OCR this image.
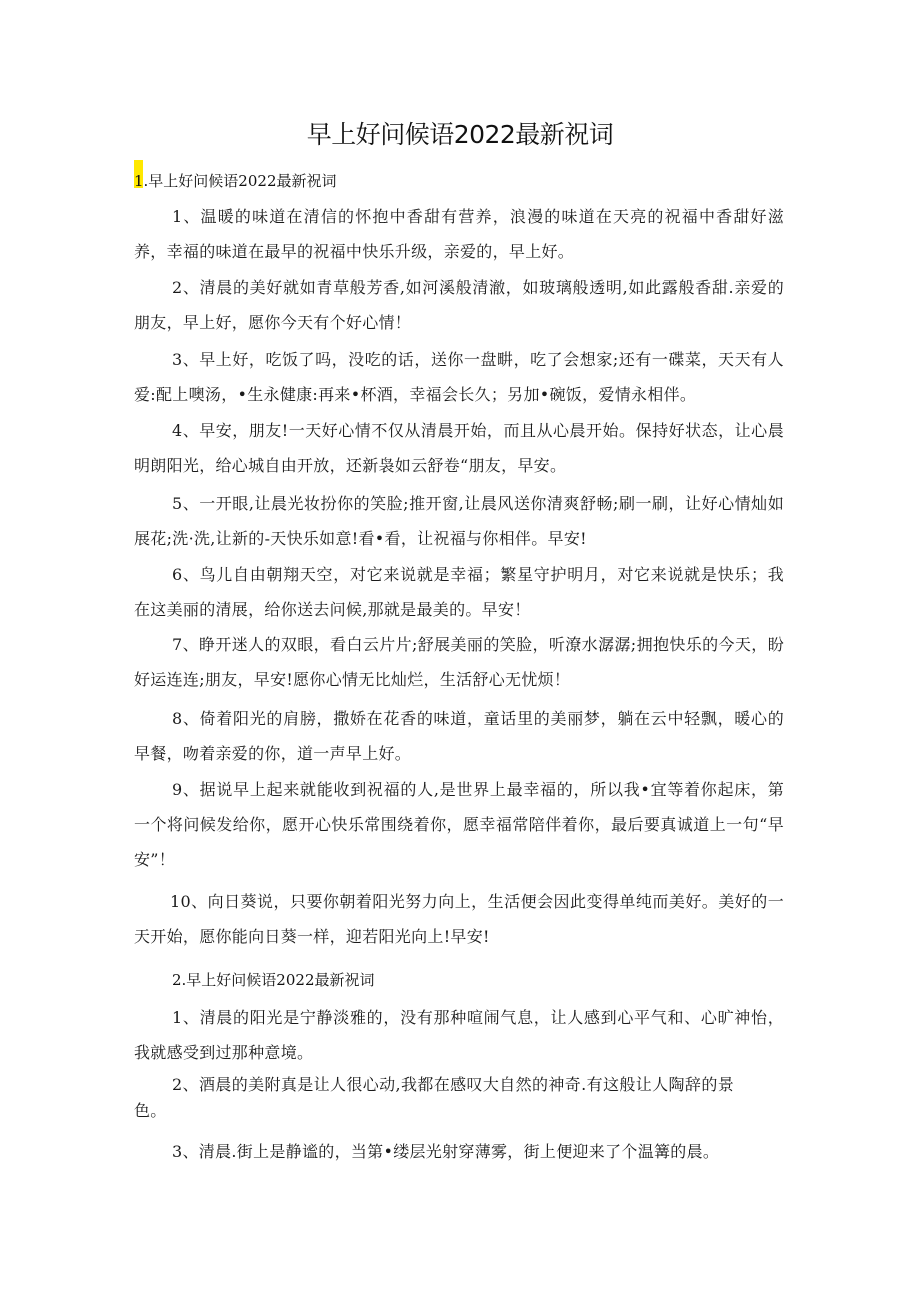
早上好问候语2022最新祝词
1.早上好问候语2022最新祝词
1、温暖的味道在清信的怀抱中香甜有营养，浪漫的味道在天亮的祝福中香甜好滋养，幸福的味道在最早的祝福中快乐升级，亲爱的，早上好。
2、清晨的美好就如青草般芳香,如河溪般清澈，如玻璃般透明,如此露般香甜.亲爱的朋友，早上好，愿你今天有个好心情！
3、早上好，吃饭了吗，没吃的话，送你一盘畊，吃了会想家;还有一碟菜，天天有人爱:配上噢汤，•生永健康:再来•杯酒，幸福会长久；另加•碗饭，爱情永相伴。
4、早安，朋友!一天好心情不仅从清晨开始，而且从心晨开始。保持好状态，让心晨明朗阳光，给心城自由开放，还新袅如云舒卷“朋友，早安。
5、一开眼,让晨光妆扮你的笑脸;推开窗,让晨风送你清爽舒畅;刷一刷，让好心情灿如展花;洗·洗,让新的-天快乐如意!看•看，让祝福与你相伴。早安!
6、鸟儿自由朝翔天空，对它来说就是幸福；繁星守护明月，对它来说就是快乐；我在这美丽的清展，给你送去问候,那就是最美的。早安！
7、睁开迷人的双眼，看白云片片;舒展美丽的笑脸，听潦水潺潺;拥抱快乐的今天，盼好运连连;朋友，早安!愿你心情无比灿烂，生活舒心无忧烦！
8、倚着阳光的肩膀，撒娇在花香的味道，童话里的美丽梦，躺在云中轻飘，暖心的早餐，吻着亲爱的你，道一声早上好。
9、据说早上起来就能收到祝福的人,是世界上最幸福的，所以我•宜等着你起床，第一个将问候发给你，愿开心快乐常围绕着你，愿幸福常陪伴着你，最后要真诚道上一句“早安”！
10、向日葵说，只要你朝着阳光努力向上，生活便会因此变得单纯而美好。美好的一天开始，愿你能向日葵一样，迎若阳光向上!早安!
2.早上好问候语2022最新祝词
1、清晨的阳光是宁静淡雅的，没有那种喧闹气息，让人感到心平气和、心旷神怡，我就感受到过那种意境。
2、酒晨的美附真是让人很心动,我都在感叹大自然的神奇.有这般让人陶辞的景色。
3、清晨.街上是静谧的，当第•缕层光射穿薄雾，街上便迎来了个温篝的晨。
